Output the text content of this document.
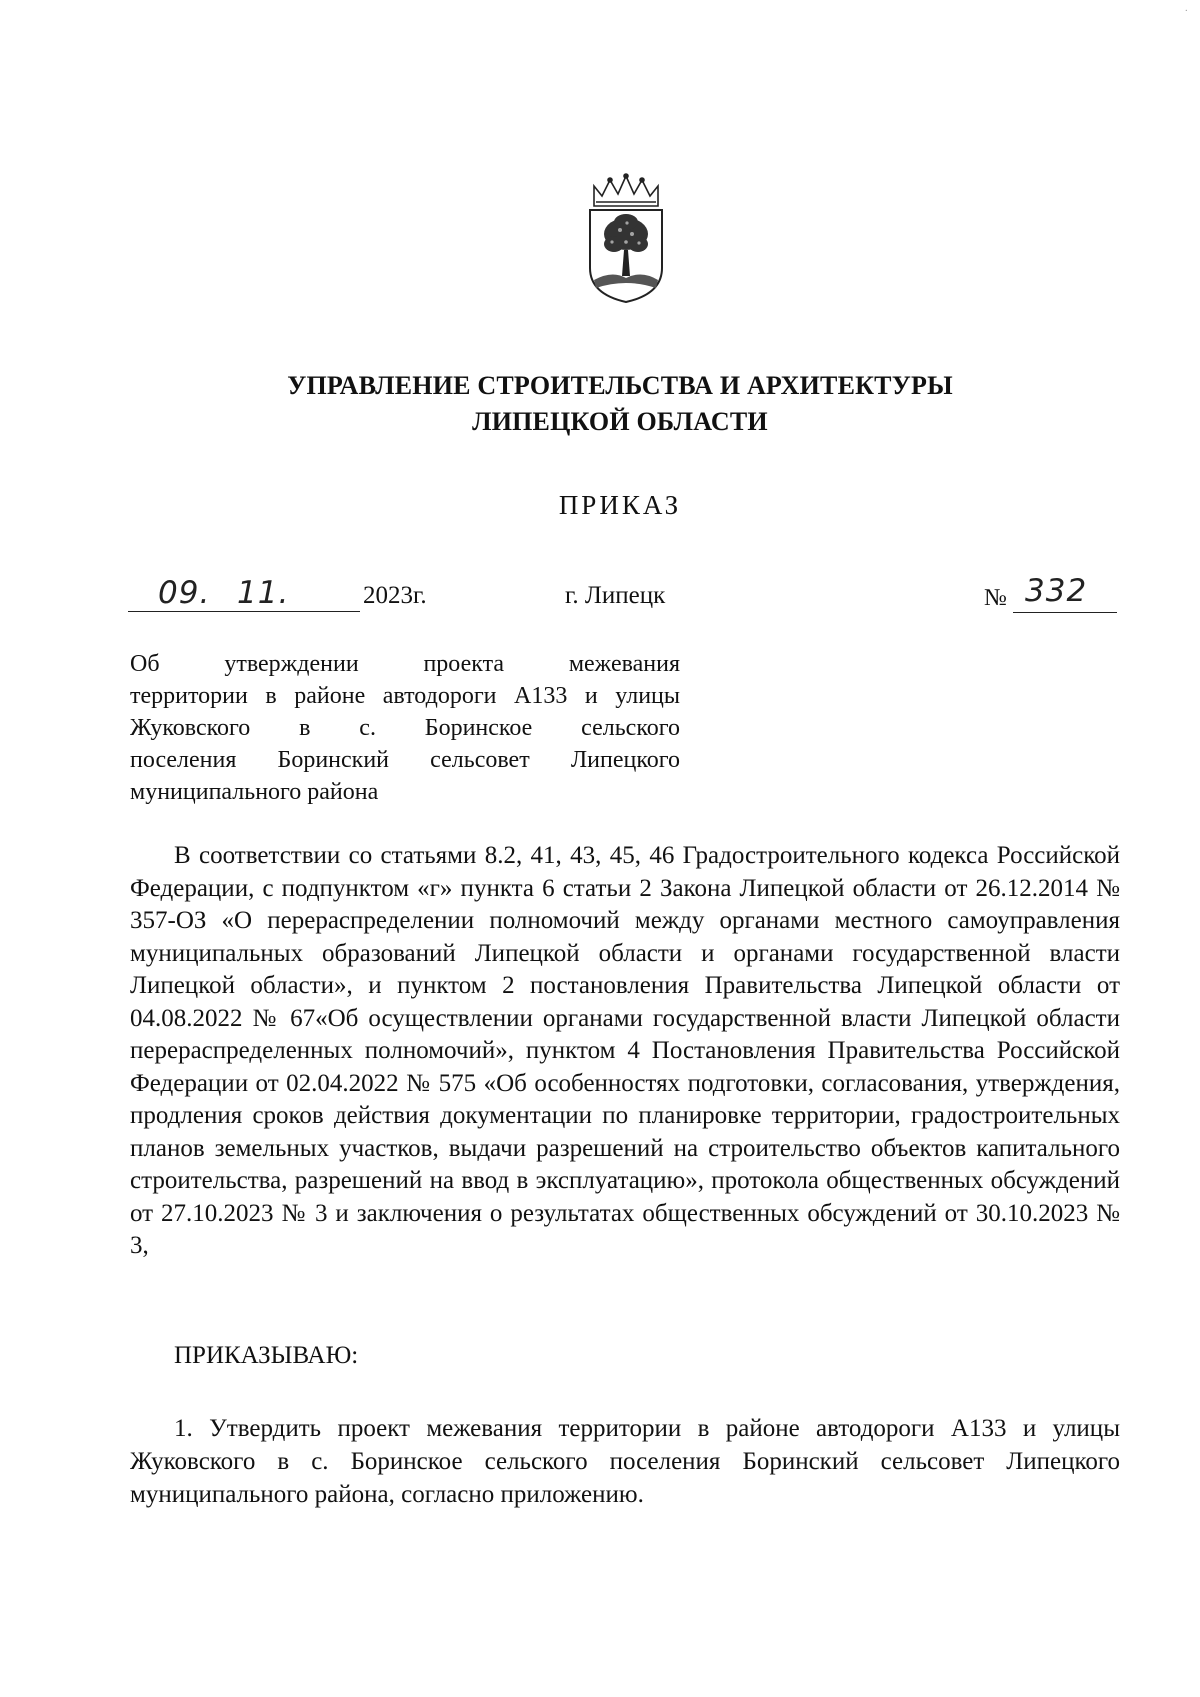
·
УПРАВЛЕНИЕ СТРОИТЕЛЬСТВА И АРХИТЕКТУРЫ
ЛИПЕЦКОЙ ОБЛАСТИ
ПРИКАЗ
09. 11.	2023г.	г. Липецк	№ 332
Об утверждении проекта межевания
территории в районе автодороги А133 и улицы
Жуковского в с. Боринское сельского
поселения Боринский сельсовет Липецкого
муниципального района
В соответствии со статьями 8.2, 41, 43, 45, 46 Градостроительного кодекса Российской Федерации, с подпунктом «г» пункта 6 статьи 2 Закона Липецкой области от 26.12.2014 № 357-ОЗ «О перераспределении полномочий между органами местного самоуправления муниципальных образований Липецкой области и органами государственной власти Липецкой области», и пунктом 2 постановления Правительства Липецкой области от 04.08.2022 № 67«Об осуществлении органами государственной власти Липецкой области перераспределенных полномочий», пунктом 4 Постановления Правительства Российской Федерации от 02.04.2022 № 575 «Об особенностях подготовки, согласования, утверждения, продления сроков действия документации по планировке территории, градостроительных планов земельных участков, выдачи разрешений на строительство объектов капитального строительства, разрешений на ввод в эксплуатацию», протокола общественных обсуждений от 27.10.2023 № 3 и заключения о результатах общественных обсуждений от 30.10.2023 № 3,
ПРИКАЗЫВАЮ:
1. Утвердить проект межевания территории в районе автодороги А133 и улицы Жуковского в с. Боринское сельского поселения Боринский сельсовет Липецкого муниципального района, согласно приложению.
